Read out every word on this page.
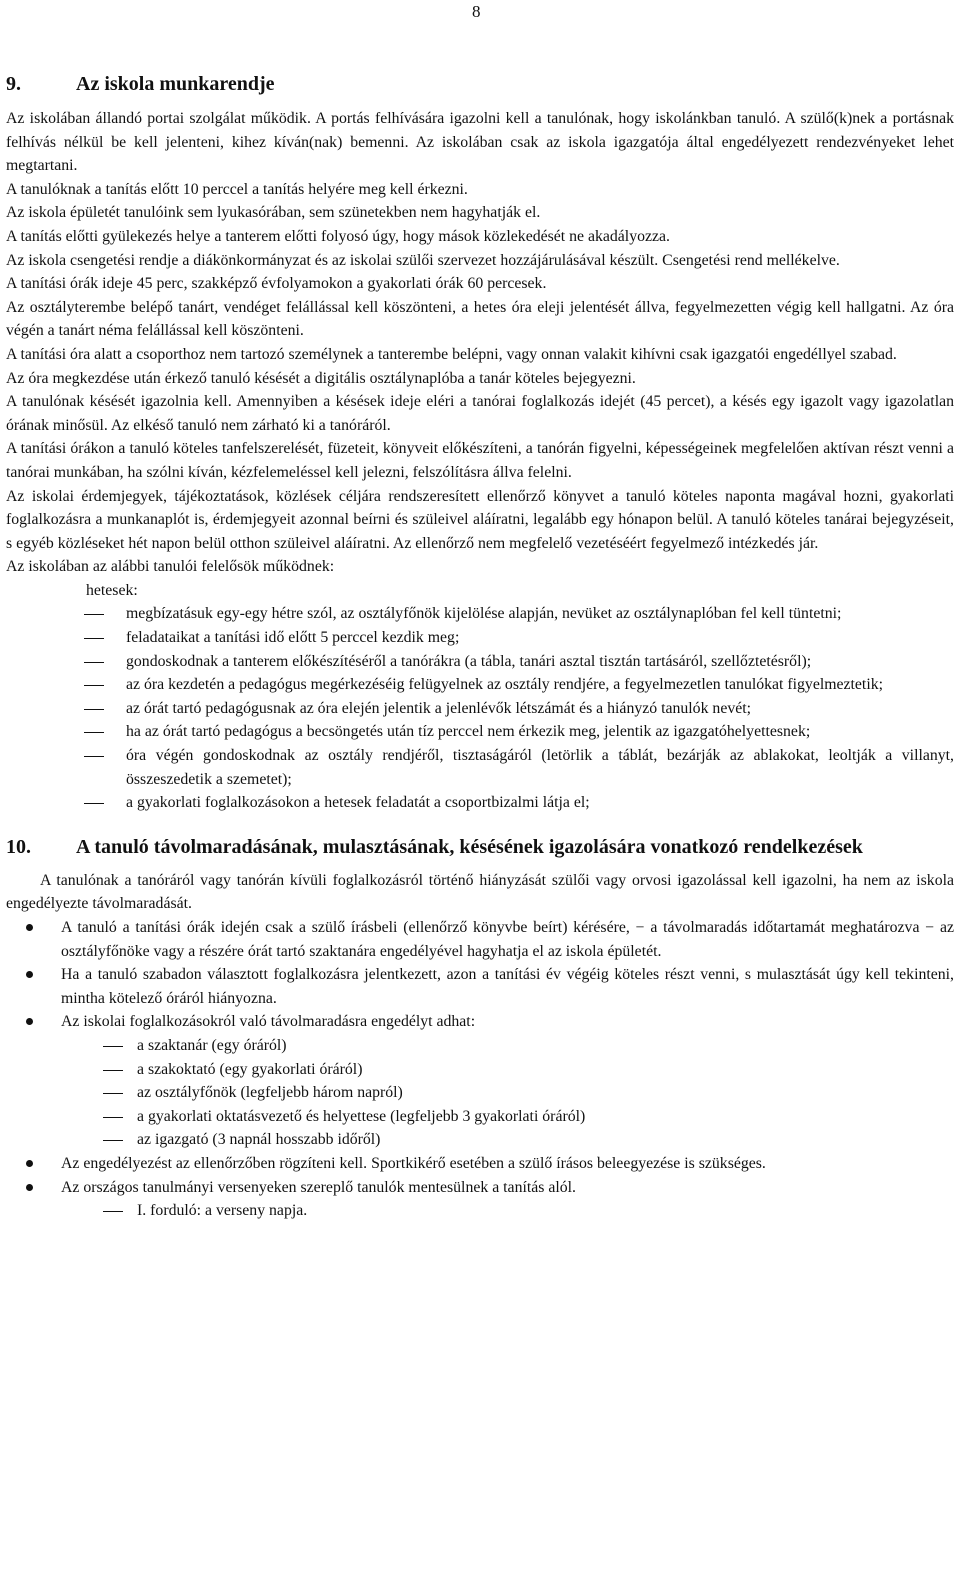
8
9.	Az iskola munkarendje

Az iskolában állandó portai szolgálat működik. A portás felhívására igazolni kell a tanulónak, hogy iskolánkban tanuló. A szülő(k)nek a portásnak felhívás nélkül be kell jelenteni, kihez kíván(nak) bemenni. Az iskolában csak az iskola igazgatója által engedélyezett rendezvényeket lehet megtartani.

A tanulóknak a tanítás előtt 10 perccel a tanítás helyére meg kell érkezni.

Az iskola épületét tanulóink sem lyukasórában, sem szünetekben nem hagyhatják el.

A tanítás előtti gyülekezés helye a tanterem előtti folyosó úgy, hogy mások közlekedését ne akadályozza.

Az iskola csengetési rendje a diákönkormányzat és az iskolai szülői szervezet hozzájárulásával készült. Csengetési rend mellékelve.

A tanítási órák ideje 45 perc, szakképző évfolyamokon a gyakorlati órák 60 percesek.

Az osztályterembe belépő tanárt, vendéget felállással kell köszönteni, a hetes óra eleji jelentését állva, fegyelmezetten végig kell hallgatni. Az óra végén a tanárt néma felállással kell köszönteni.

A tanítási óra alatt a csoporthoz nem tartozó személynek a tanterembe belépni, vagy onnan valakit kihívni csak igazgatói engedéllyel szabad.

Az óra megkezdése után érkező tanuló késését a digitális osztálynaplóba a tanár köteles bejegyezni.

A tanulónak késését igazolnia kell. Amennyiben a késések ideje eléri a tanórai foglalkozás idejét (45 percet), a késés egy igazolt vagy igazolatlan órának minősül. Az elkéső tanuló nem zárható ki a tanóráról.

A tanítási órákon a tanuló köteles tanfelszerelését, füzeteit, könyveit előkészíteni, a tanórán figyelni, képességeinek megfelelően aktívan részt venni a tanórai munkában, ha szólni kíván, kézfelemeléssel kell jelezni, felszólításra állva felelni.

Az iskolai érdemjegyek, tájékoztatások, közlések céljára rendszeresített ellenőrző könyvet a tanuló köteles naponta magával hozni, gyakorlati foglalkozásra a munkanaplót is, érdemjegyeit azonnal beírni és szüleivel aláíratni, legalább egy hónapon belül. A tanuló köteles tanárai bejegyzéseit, s egyéb közléseket hét napon belül otthon szüleivel aláíratni. Az ellenőrző nem megfelelő vezetéséért fegyelmező intézkedés jár.

Az iskolában az alábbi tanulói felelősök működnek:

hetesek:
megbízatásuk egy-egy hétre szól, az osztályfőnök kijelölése alapján, nevüket az osztálynaplóban fel kell tüntetni;
feladataikat a tanítási idő előtt 5 perccel kezdik meg;
gondoskodnak a tanterem előkészítéséről a tanórákra (a tábla, tanári asztal tisztán tartásáról, szellőztetésről);
az óra kezdetén a pedagógus megérkezéséig felügyelnek az osztály rendjére, a fegyelmezetlen tanulókat figyelmeztetik;
az órát tartó pedagógusnak az óra elején jelentik a jelenlévők létszámát és a hiányzó tanulók nevét;
ha az órát tartó pedagógus a becsöngetés után tíz perccel nem érkezik meg, jelentik az igazgatóhelyettesnek;
óra végén gondoskodnak az osztály rendjéről, tisztaságáról (letörlik a táblát, bezárják az ablakokat, leoltják a villanyt, összeszedetik a szemetet);
a gyakorlati foglalkozásokon a hetesek feladatát a csoportbizalmi látja el;
10.	A tanuló távolmaradásának, mulasztásának, késésének igazolására vonatkozó rendelkezések

A tanulónak a tanóráról vagy tanórán kívüli foglalkozásról történő hiányzását szülői vagy orvosi igazolással kell igazolni, ha nem az iskola engedélyezte távolmaradását.

A tanuló a tanítási órák idején csak a szülő írásbeli (ellenőrző könyvbe beírt) kérésére, − a távolmaradás időtartamát meghatározva − az osztályfőnöke vagy a részére órát tartó szaktanára engedélyével hagyhatja el az iskola épületét.
Ha a tanuló szabadon választott foglalkozásra jelentkezett, azon a tanítási év végéig köteles részt venni, s mulasztását úgy kell tekinteni, mintha kötelező óráról hiányozna.
Az iskolai foglalkozásokról való távolmaradásra engedélyt adhat:
a szaktanár (egy óráról)
a szakoktató (egy gyakorlati óráról)
az osztályfőnök (legfeljebb három napról)
a gyakorlati oktatásvezető és helyettese (legfeljebb 3 gyakorlati óráról)
az igazgató (3 napnál hosszabb időről)
Az engedélyezést az ellenőrzőben rögzíteni kell. Sportkikérő esetében a szülő írásos beleegyezése is szükséges.
Az országos tanulmányi versenyeken szereplő tanulók mentesülnek a tanítás alól.
I. forduló: a verseny napja.
